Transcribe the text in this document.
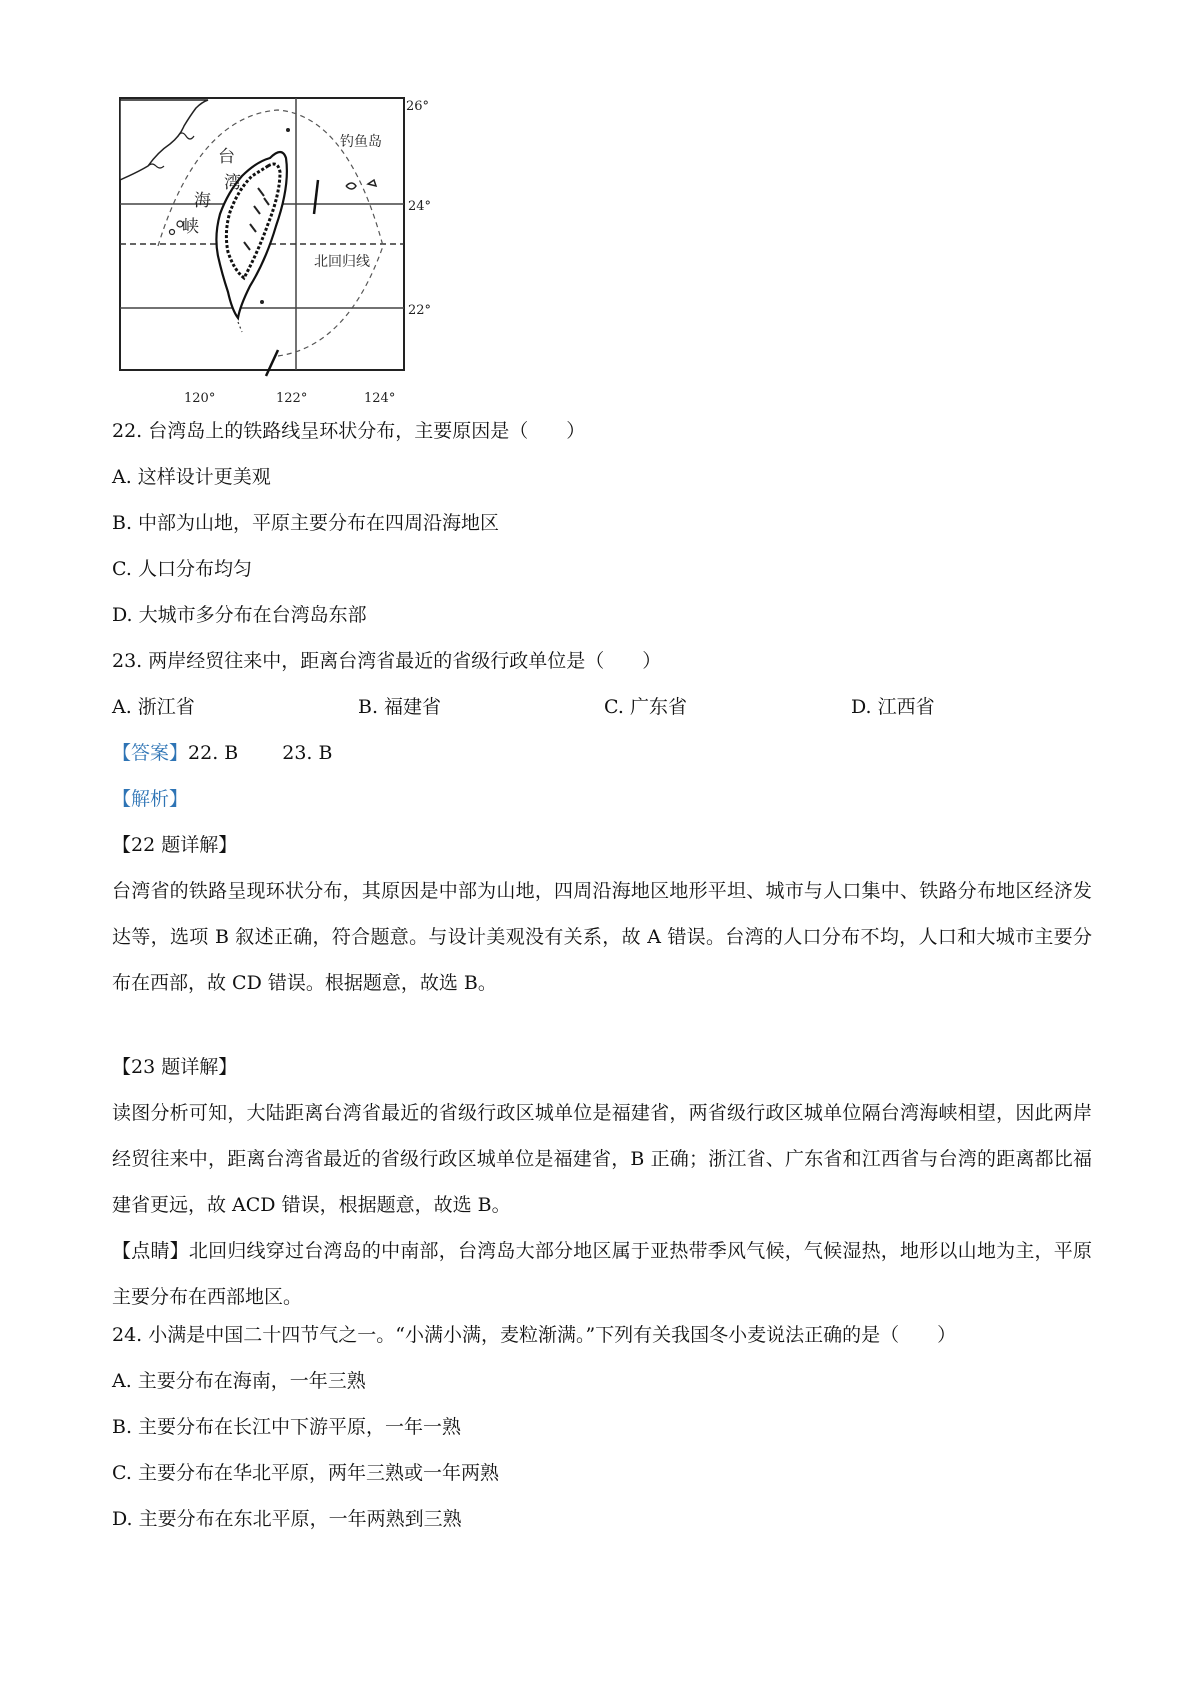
26°
24°
22°
120°	122°	124°
台
湾
海
峡
钓鱼岛
北回归线
22. 台湾岛上的铁路线呈环状分布，主要原因是（　　）
A. 这样设计更美观
B. 中部为山地，平原主要分布在四周沿海地区
C. 人口分布均匀
D. 大城市多分布在台湾岛东部
23. 两岸经贸往来中，距离台湾省最近的省级行政单位是（　　）
A. 浙江省	B. 福建省	C. 广东省	D. 江西省
【答案】22. B 23. B
【解析】
【22 题详解】
台湾省的铁路呈现环状分布，其原因是中部为山地，四周沿海地区地形平坦、城市与人口集中、铁路分布地区经济发达等，选项 B 叙述正确，符合题意。与设计美观没有关系，故 A 错误。台湾的人口分布不均，人口和大城市主要分布在西部，故 CD 错误。根据题意，故选 B。
【23 题详解】
读图分析可知，大陆距离台湾省最近的省级行政区城单位是福建省，两省级行政区城单位隔台湾海峡相望，因此两岸经贸往来中，距离台湾省最近的省级行政区城单位是福建省，B 正确；浙江省、广东省和江西省与台湾的距离都比福建省更远，故 ACD 错误，根据题意，故选 B。
【点睛】北回归线穿过台湾岛的中南部，台湾岛大部分地区属于亚热带季风气候，气候湿热，地形以山地为主，平原主要分布在西部地区。
24. 小满是中国二十四节气之一。“小满小满，麦粒渐满。”下列有关我国冬小麦说法正确的是（　　）
A. 主要分布在海南，一年三熟
B. 主要分布在长江中下游平原，一年一熟
C. 主要分布在华北平原，两年三熟或一年两熟
D. 主要分布在东北平原，一年两熟到三熟
